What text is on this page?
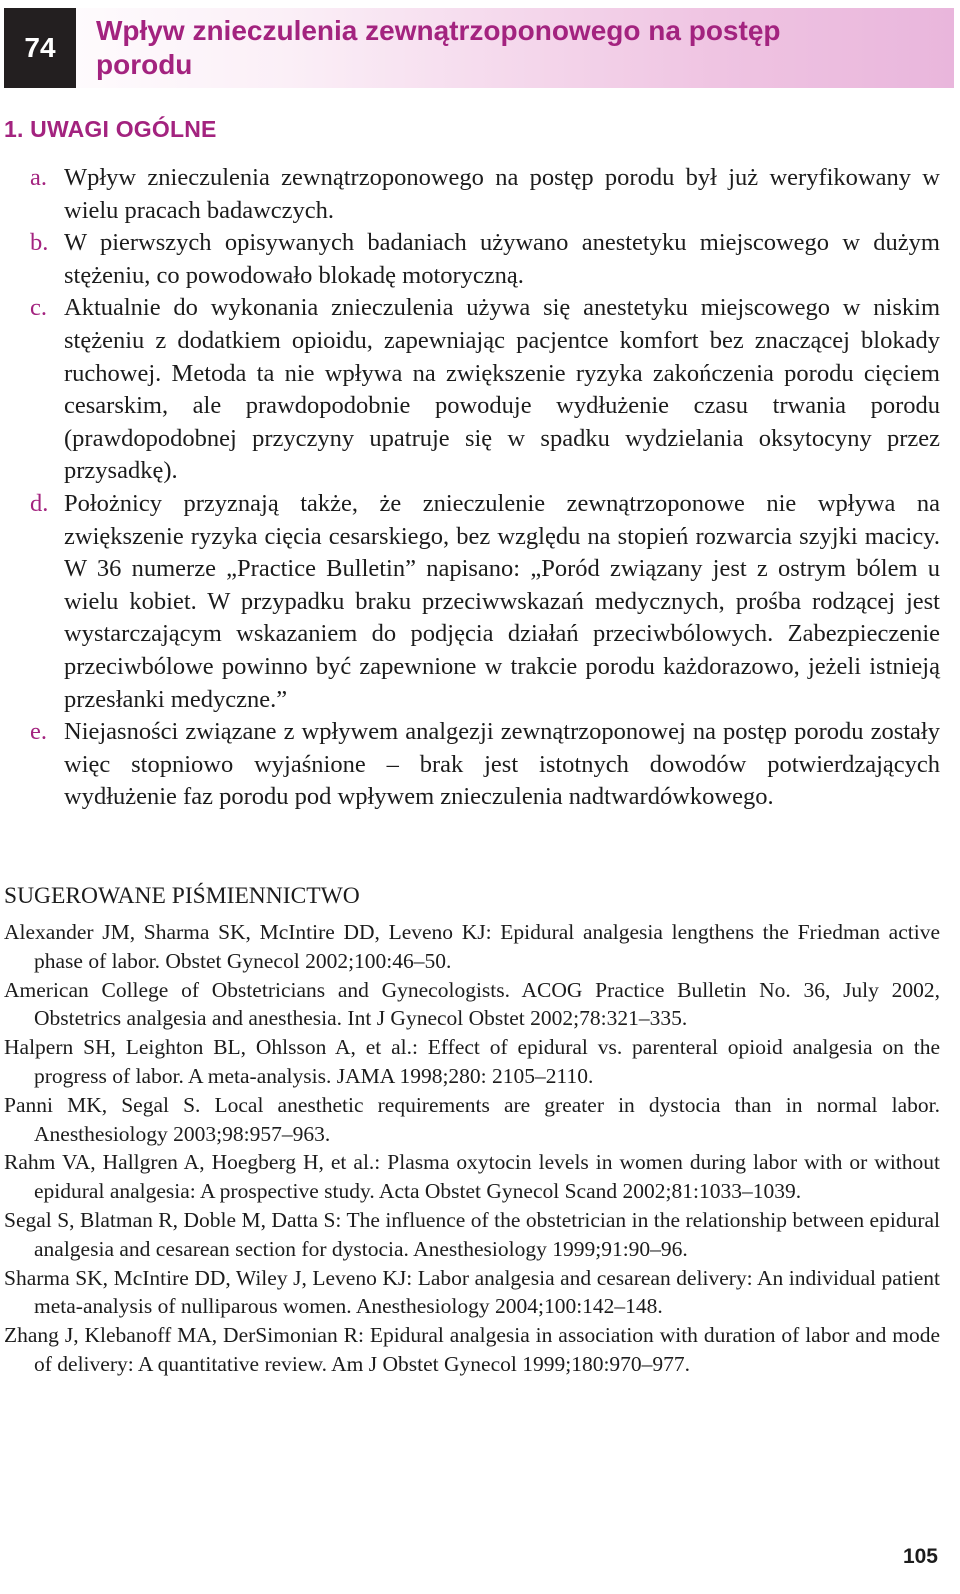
74
Wpływ znieczulenia zewnątrzoponowego na postęp porodu
1. UWAGI OGÓLNE
a. Wpływ znieczulenia zewnątrzoponowego na postęp porodu był już weryfikowany w wielu pracach badawczych.
b. W pierwszych opisywanych badaniach używano anestetyku miejscowego w dużym stężeniu, co powodowało blokadę motoryczną.
c. Aktualnie do wykonania znieczulenia używa się anestetyku miejscowego w niskim stężeniu z dodatkiem opioidu, zapewniając pacjentce komfort bez znaczącej blokady ruchowej. Metoda ta nie wpływa na zwiększenie ryzyka zakończenia porodu cięciem cesarskim, ale prawdopodobnie powoduje wydłużenie czasu trwania porodu (prawdopodobnej przyczyny upatruje się w spadku wydzielania oksytocyny przez przysadkę).
d. Położnicy przyznają także, że znieczulenie zewnątrzoponowe nie wpływa na zwiększenie ryzyka cięcia cesarskiego, bez względu na stopień rozwarcia szyjki macicy. W 36 numerze „Practice Bulletin” napisano: „Poród związany jest z ostrym bólem u wielu kobiet. W przypadku braku przeciwwskazań medycznych, prośba rodzącej jest wystarczającym wskazaniem do podjęcia działań przeciwbólowych. Zabezpieczenie przeciwbólowe powinno być zapewnione w trakcie porodu każdorazowo, jeżeli istnieją przesłanki medyczne.”
e. Niejasności związane z wpływem analgezji zewnątrzoponowej na postęp porodu zostały więc stopniowo wyjaśnione – brak jest istotnych dowodów potwierdzających wydłużenie faz porodu pod wpływem znieczulenia nadtwardówkowego.
SUGEROWANE PIŚMIENNICTWO
Alexander JM, Sharma SK, McIntire DD, Leveno KJ: Epidural analgesia lengthens the Friedman active phase of labor. Obstet Gynecol 2002;100:46–50.
American College of Obstetricians and Gynecologists. ACOG Practice Bulletin No. 36, July 2002, Obstetrics analgesia and anesthesia. Int J Gynecol Obstet 2002;78:321–335.
Halpern SH, Leighton BL, Ohlsson A, et al.: Effect of epidural vs. parenteral opioid analgesia on the progress of labor. A meta-analysis. JAMA 1998;280: 2105–2110.
Panni MK, Segal S. Local anesthetic requirements are greater in dystocia than in normal labor. Anesthesiology 2003;98:957–963.
Rahm VA, Hallgren A, Hoegberg H, et al.: Plasma oxytocin levels in women during labor with or without epidural analgesia: A prospective study. Acta Obstet Gynecol Scand 2002;81:1033–1039.
Segal S, Blatman R, Doble M, Datta S: The influence of the obstetrician in the relationship between epidural analgesia and cesarean section for dystocia. Anesthesiology 1999;91:90–96.
Sharma SK, McIntire DD, Wiley J, Leveno KJ: Labor analgesia and cesarean delivery: An individual patient meta-analysis of nulliparous women. Anesthesiology 2004;100:142–148.
Zhang J, Klebanoff MA, DerSimonian R: Epidural analgesia in association with duration of labor and mode of delivery: A quantitative review. Am J Obstet Gynecol 1999;180:970–977.
105
